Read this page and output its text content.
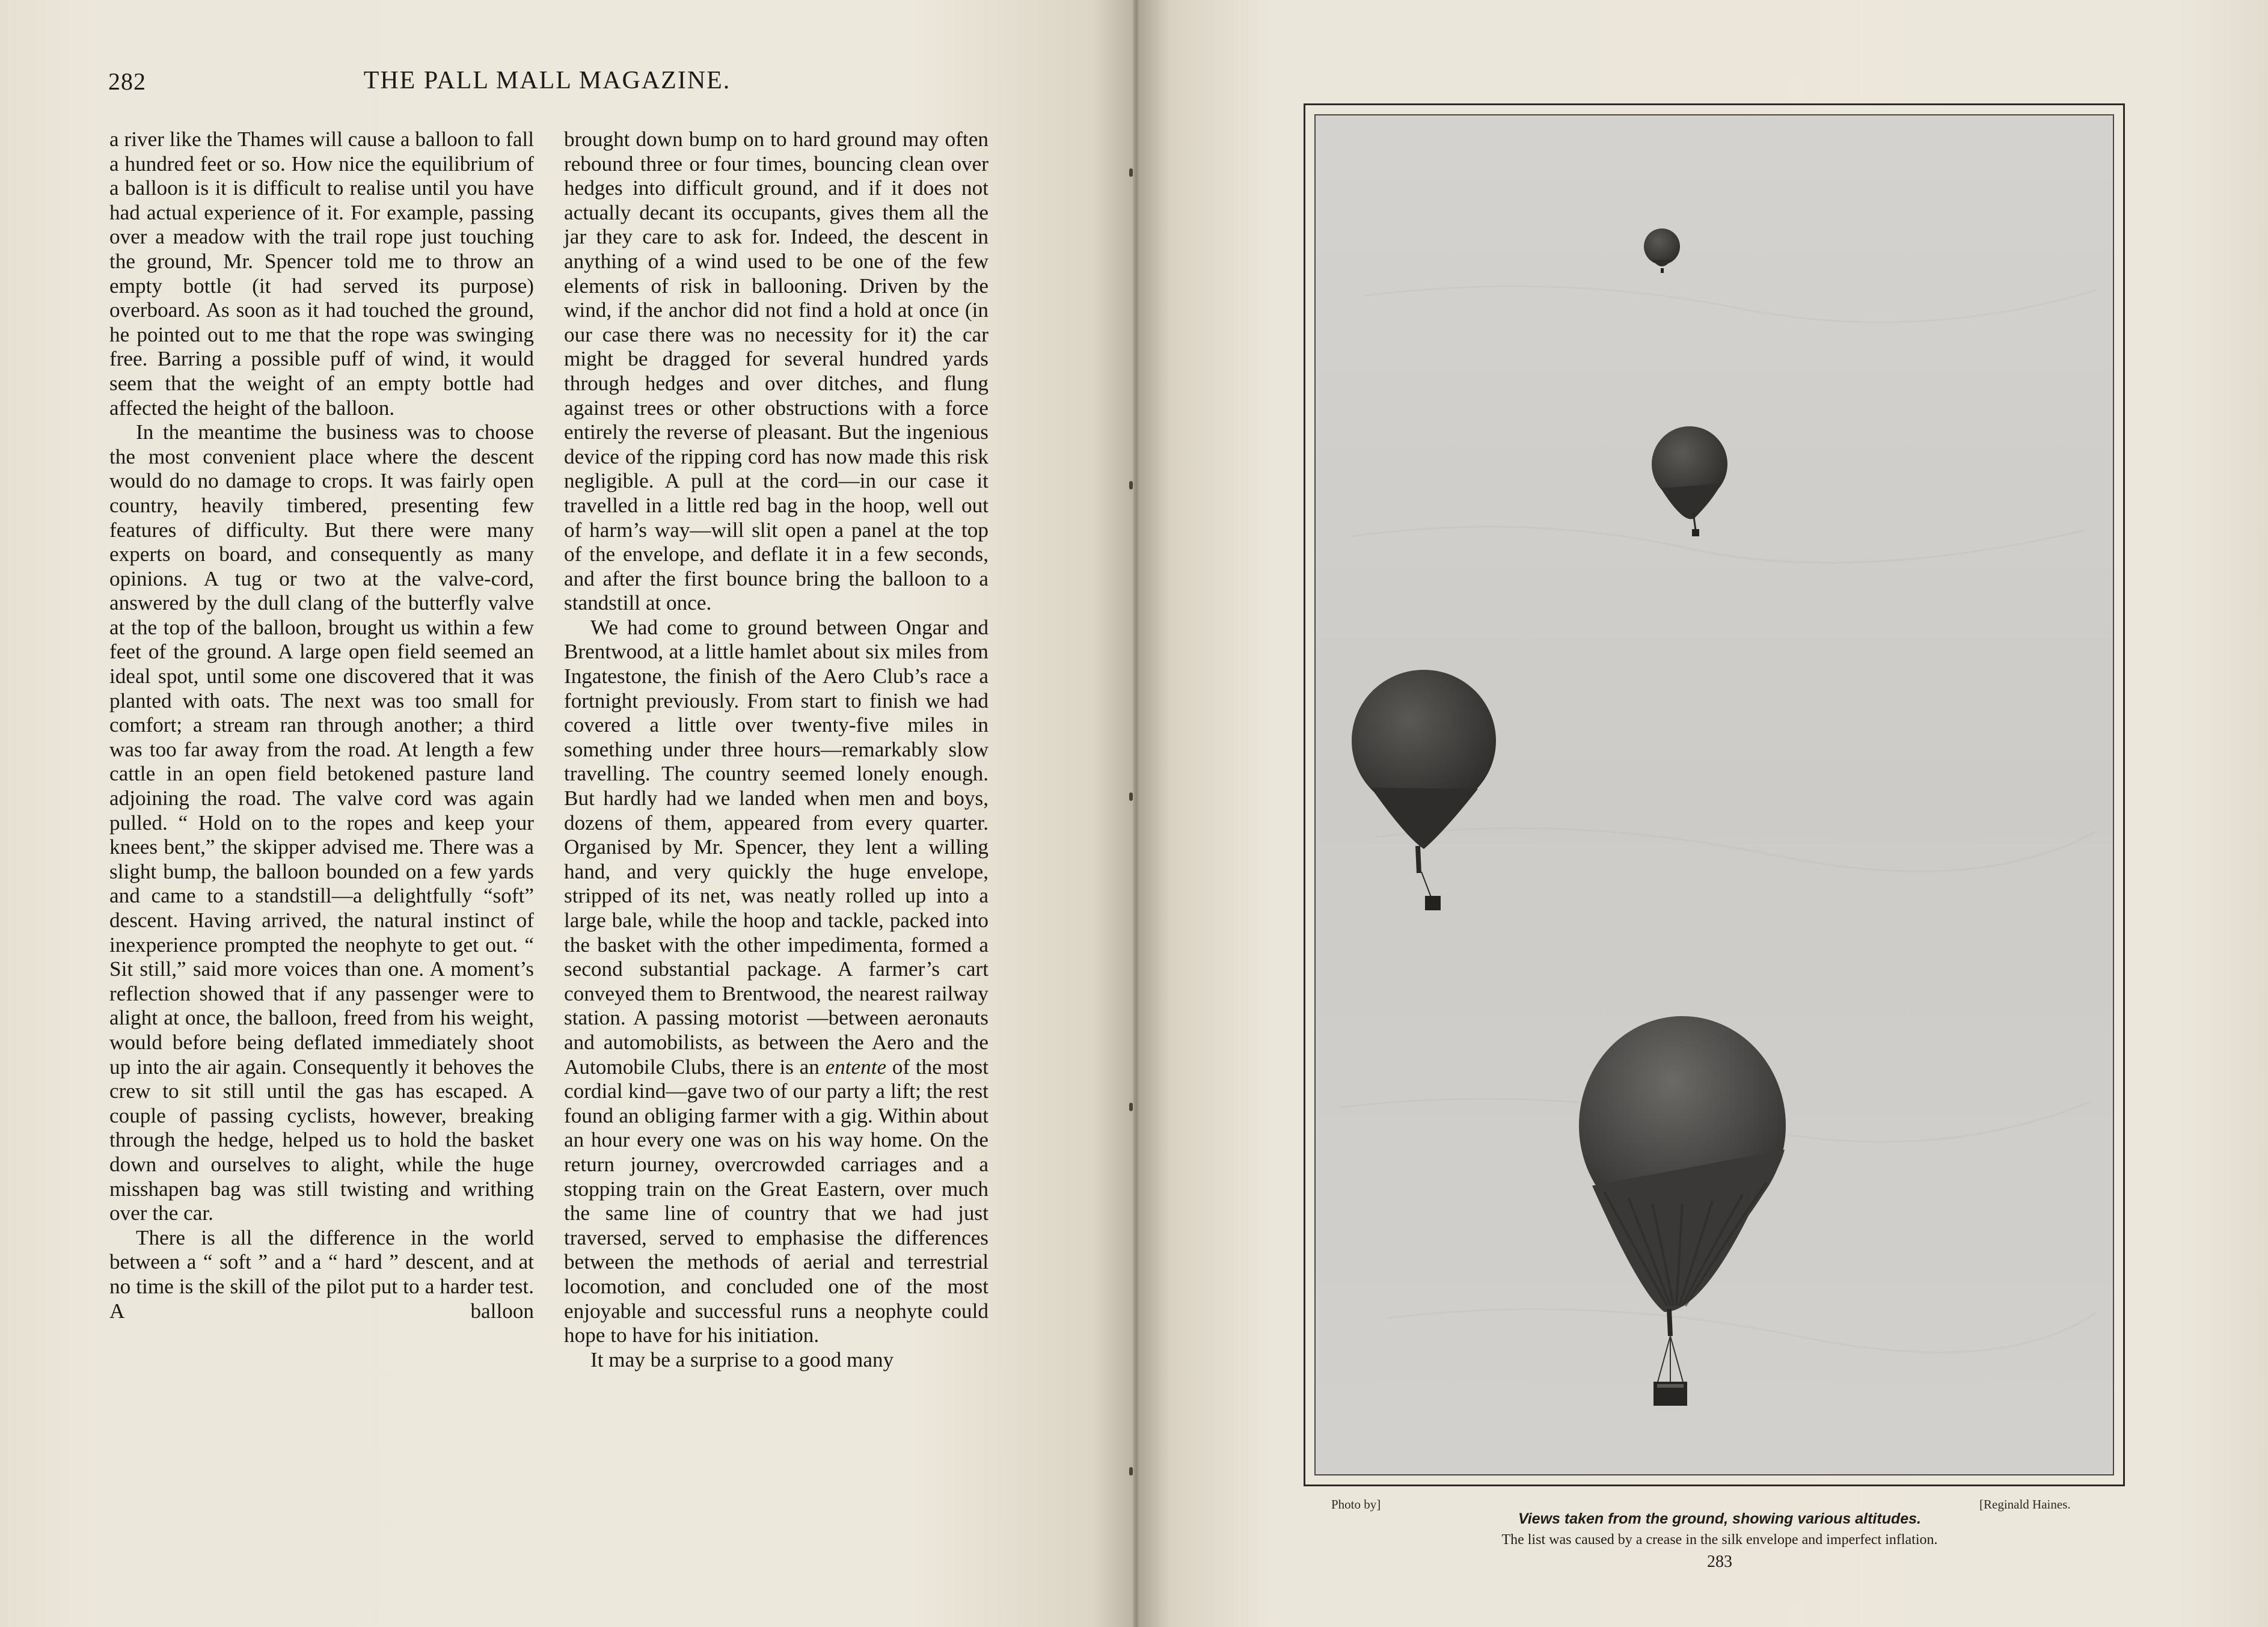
282	THE PALL MALL MAGAZINE.

a river like the Thames will cause a balloon to fall a hundred feet or so. How nice the equilibrium of a balloon is it is difficult to realise until you have had actual experience of it. For example, passing over a meadow with the trail rope just touching the ground, Mr. Spencer told me to throw an empty bottle (it had served its purpose) overboard. As soon as it had touched the ground, he pointed out to me that the rope was swinging free. Barring a possible puff of wind, it would seem that the weight of an empty bottle had affected the height of the balloon.

In the meantime the business was to choose the most convenient place where the descent would do no damage to crops. It was fairly open country, heavily timbered, presenting few features of difficulty. But there were many experts on board, and consequently as many opinions. A tug or two at the valve-cord, answered by the dull clang of the butterfly valve at the top of the balloon, brought us within a few feet of the ground. A large open field seemed an ideal spot, until some one discovered that it was planted with oats. The next was too small for comfort; a stream ran through another; a third was too far away from the road. At length a few cattle in an open field betokened pasture land adjoining the road. The valve cord was again pulled. “ Hold on to the ropes and keep your knees bent,” the skipper advised me. There was a slight bump, the balloon bounded on a few yards and came to a standstill—a delightfully “soft” descent. Having arrived, the natural instinct of inexperience prompted the neophyte to get out. “ Sit still,” said more voices than one. A moment’s reflection showed that if any passenger were to alight at once, the balloon, freed from his weight, would before being deflated immediately shoot up into the air again. Consequently it behoves the crew to sit still until the gas has escaped. A couple of passing cyclists, however, breaking through the hedge, helped us to hold the basket down and ourselves to alight, while the huge misshapen bag was still twisting and writhing over the car.

There is all the difference in the world between a “ soft ” and a “ hard ” descent, and at no time is the skill of the pilot put to a harder test. A balloon

brought down bump on to hard ground may often rebound three or four times, bouncing clean over hedges into difficult ground, and if it does not actually decant its occupants, gives them all the jar they care to ask for. Indeed, the descent in anything of a wind used to be one of the few elements of risk in ballooning. Driven by the wind, if the anchor did not find a hold at once (in our case there was no necessity for it) the car might be dragged for several hundred yards through hedges and over ditches, and flung against trees or other obstructions with a force entirely the reverse of pleasant. But the ingenious device of the ripping cord has now made this risk negligible. A pull at the cord—in our case it travelled in a little red bag in the hoop, well out of harm’s way—will slit open a panel at the top of the envelope, and deflate it in a few seconds, and after the first bounce bring the balloon to a standstill at once.

We had come to ground between Ongar and Brentwood, at a little hamlet about six miles from Ingatestone, the finish of the Aero Club’s race a fortnight previously. From start to finish we had covered a little over twenty-five miles in something under three hours—remarkably slow travelling. The country seemed lonely enough. But hardly had we landed when men and boys, dozens of them, appeared from every quarter. Organised by Mr. Spencer, they lent a willing hand, and very quickly the huge envelope, stripped of its net, was neatly rolled up into a large bale, while the hoop and tackle, packed into the basket with the other impedimenta, formed a second substantial package. A farmer’s cart conveyed them to Brentwood, the nearest railway station. A passing motorist —between aeronauts and automobilists, as between the Aero and the Automobile Clubs, there is an entente of the most cordial kind—gave two of our party a lift; the rest found an obliging farmer with a gig. Within about an hour every one was on his way home. On the return journey, overcrowded carriages and a stopping train on the Great Eastern, over much the same line of country that we had just traversed, served to emphasise the differences between the methods of aerial and terrestrial locomotion, and concluded one of the most enjoyable and successful runs a neophyte could hope to have for his initiation.

It may be a surprise to a good many

Photo by]	[Reginald Haines.
Views taken from the ground, showing various altitudes.
The list was caused by a crease in the silk envelope and imperfect inflation.
283
